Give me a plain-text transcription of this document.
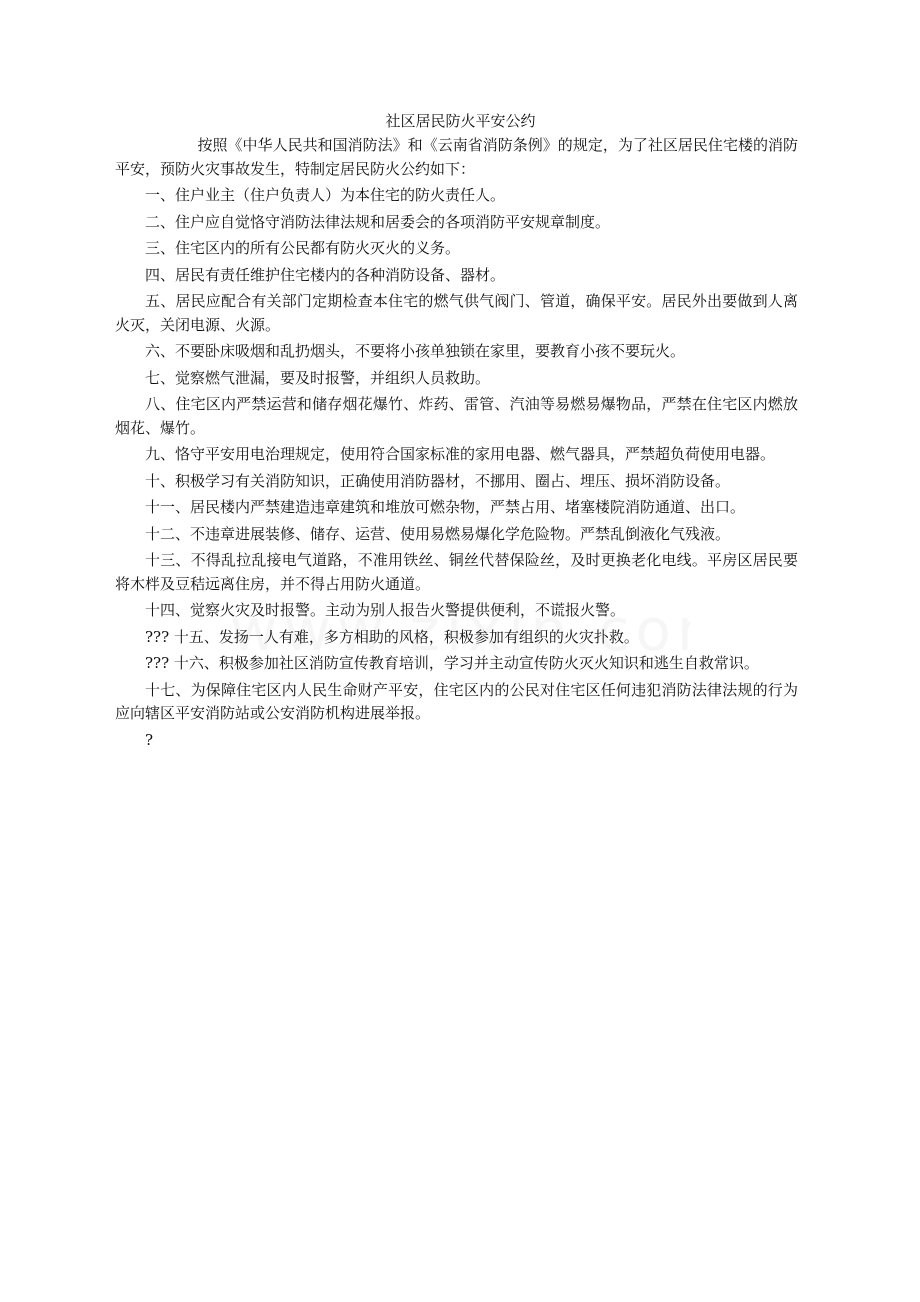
社区居民防火平安公约

按照《中华人民共和国消防法》和《云南省消防条例》的规定，为了社区居民住宅楼的消防平安，预防火灾事故发生，特制定居民防火公约如下：

一、住户业主（住户负责人）为本住宅的防火责任人。

二、住户应自觉恪守消防法律法规和居委会的各项消防平安规章制度。

三、住宅区内的所有公民都有防火灭火的义务。

四、居民有责任维护住宅楼内的各种消防设备、器材。

五、居民应配合有关部门定期检查本住宅的燃气供气阀门、管道，确保平安。居民外出要做到人离火灭，关闭电源、火源。

六、不要卧床吸烟和乱扔烟头，不要将小孩单独锁在家里，要教育小孩不要玩火。

七、觉察燃气泄漏，要及时报警，并组织人员救助。

八、住宅区内严禁运营和储存烟花爆竹、炸药、雷管、汽油等易燃易爆物品，严禁在住宅区内燃放烟花、爆竹。

九、恪守平安用电治理规定，使用符合国家标准的家用电器、燃气器具，严禁超负荷使用电器。

十、积极学习有关消防知识，正确使用消防器材，不挪用、圈占、埋压、损坏消防设备。

十一、居民楼内严禁建造违章建筑和堆放可燃杂物，严禁占用、堵塞楼院消防通道、出口。

十二、不违章进展装修、储存、运营、使用易燃易爆化学危险物。严禁乱倒液化气残液。

十三、不得乱拉乱接电气道路，不准用铁丝、铜丝代替保险丝，及时更换老化电线。平房区居民要将木柈及豆秸远离住房，并不得占用防火通道。

十四、觉察火灾及时报警。主动为别人报告火警提供便利，不谎报火警。

??? 十五、发扬一人有难，多方相助的风格，积极参加有组织的火灾扑救。

??? 十六、积极参加社区消防宣传教育培训，学习并主动宣传防火灭火知识和逃生自救常识。

十七、为保障住宅区内人民生命财产平安，住宅区内的公民对住宅区任何违犯消防法律法规的行为应向辖区平安消防站或公安消防机构进展举报。

?
